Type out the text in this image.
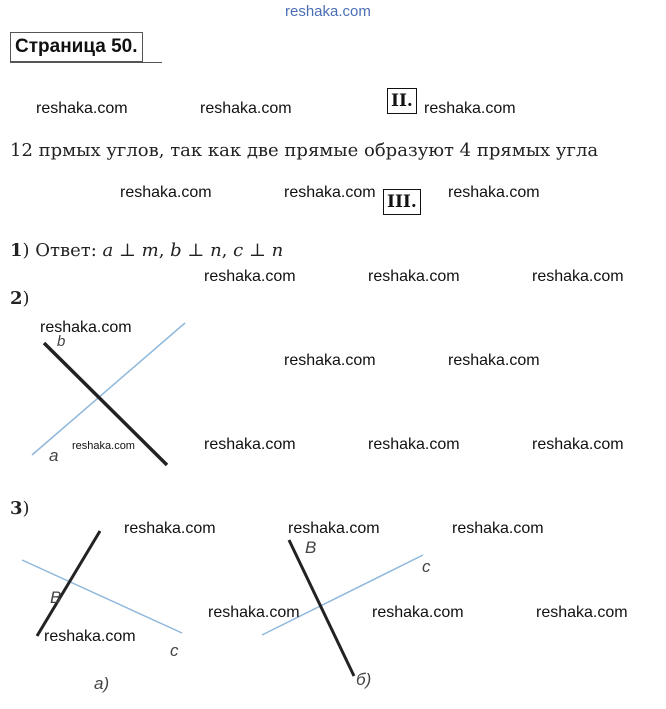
reshaka.com
Страница 50.
reshaka.com	reshaka.com	II. reshaka.com
12 прмых углов, так как две прямые образуют 4 прямых угла
reshaka.com	reshaka.com III. reshaka.com
1) Ответ: a ⊥ m, b ⊥ n, c ⊥ n
reshaka.com	reshaka.com	reshaka.com
2)
b
a
reshaka.com
reshaka.com
reshaka.com	reshaka.com
reshaka.com	reshaka.com	reshaka.com
3)
reshaka.com	reshaka.com	reshaka.com
B
c
а)
B
c
б)
reshaka.com
reshaka.com	reshaka.com	reshaka.com
